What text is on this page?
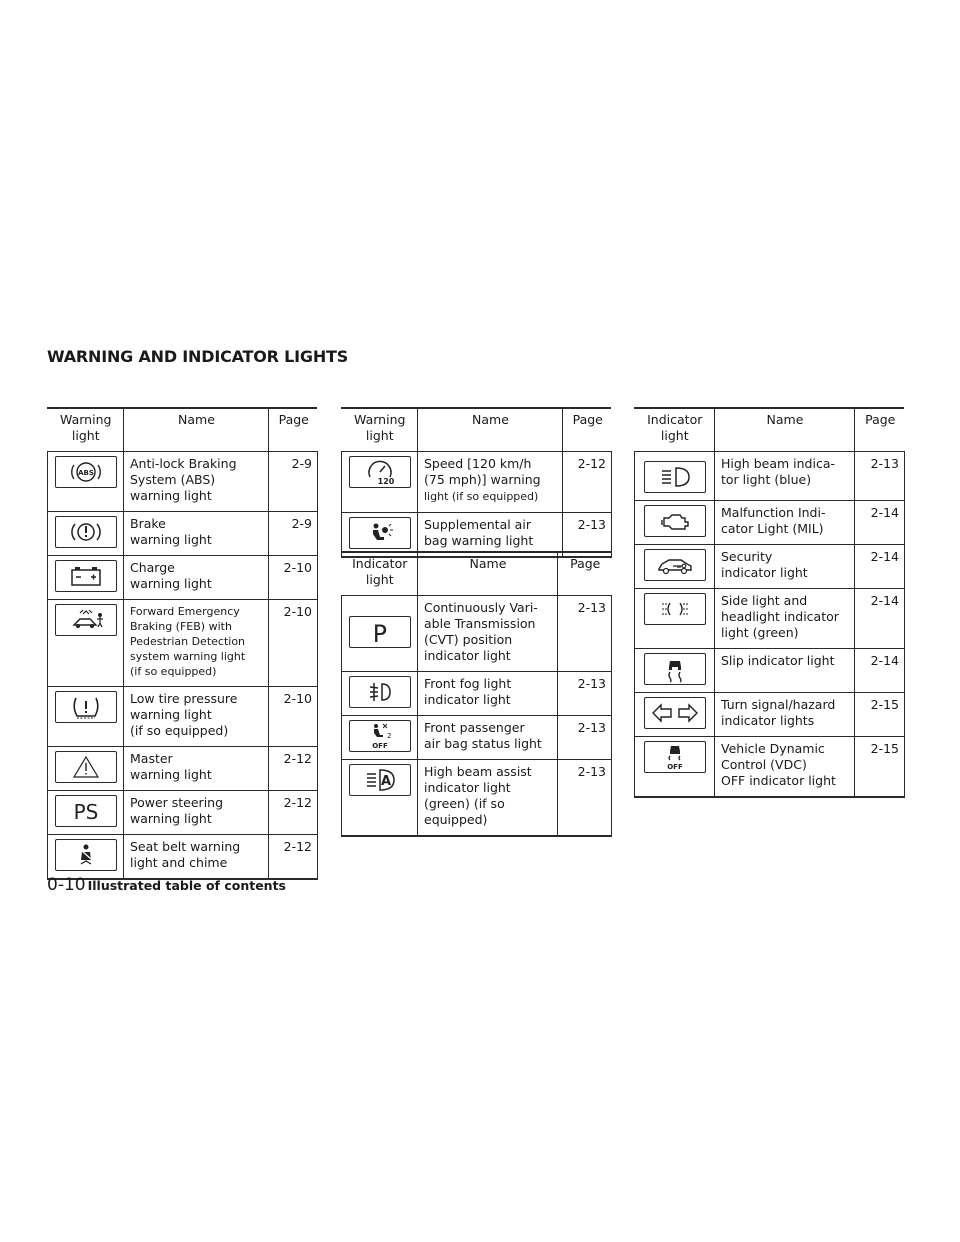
WARNING AND INDICATOR LIGHTS
Warning
light	Name	Page

ABS	Anti-lock Braking
System (ABS)
warning light	2-9

	Brake
warning light	2-9

	Charge
warning light	2-10

	Forward Emergency
Braking (FEB) with
Pedestrian Detection
system warning light
(if so equipped)	2-10

	Low tire pressure
warning light
(if so equipped)	2-10

	Master
warning light	2-12

PS	Power steering
warning light	2-12

	Seat belt warning
light and chime	2-12
Warning
light	Name	Page

120	Speed [120 km/h
(75 mph)] warning
light (if so equipped)	2-12

	Supplemental air
bag warning light	2-13
Indicator
light	Name	Page

P	Continuously Vari-
able Transmission
(CVT) position
indicator light	2-13

	Front fog light
indicator light	2-13

2
OFF	Front passenger
air bag status light	2-13

A	High beam assist
indicator light
(green) (if so
equipped)	2-13
Indicator
light	Name	Page

	High beam indica-
tor light (blue)	2-13

	Malfunction Indi-
cator Light (MIL)	2-14

	Security
indicator light	2-14

	Side light and
headlight indicator
light (green)	2-14

	Slip indicator light	2-14

	Turn signal/hazard
indicator lights	2-15

OFF	Vehicle Dynamic
Control (VDC)
OFF indicator light	2-15
0-10 Illustrated table of contents
